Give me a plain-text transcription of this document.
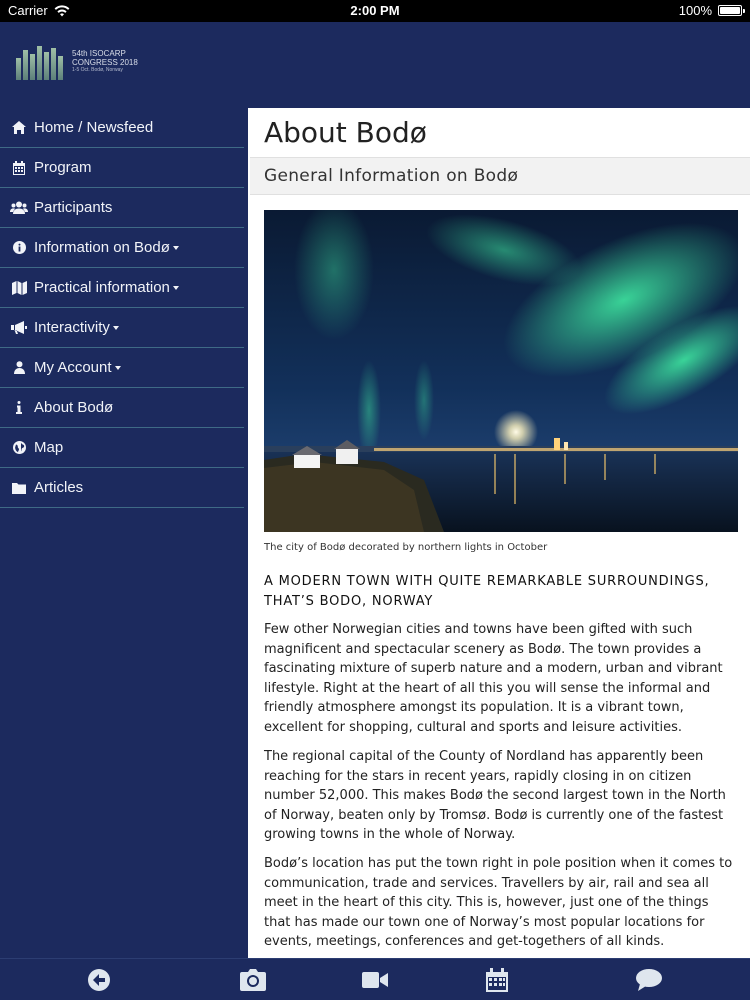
Carrier	2:00 PM	100%
54th ISOCARP
CONGRESS 2018
1-5 Oct. Bodø, Norway
Home / Newsfeed
Program
Participants
Information on Bodø
Practical information
Interactivity
My Account
About Bodø
Map
Articles
About Bodø
General Information on Bodø
The city of Bodø decorated by northern lights in October
A MODERN TOWN WITH QUITE REMARKABLE SURROUNDINGS, THAT’S BODO, NORWAY

Few other Norwegian cities and towns have been gifted with such magnificent and spectacular scenery as Bodø. The town provides a fascinating mixture of superb nature and a modern, urban and vibrant lifestyle. Right at the heart of all this you will sense the informal and friendly atmosphere amongst its population. It is a vibrant town, excellent for shopping, cultural and sports and leisure activities.

The regional capital of the County of Nordland has apparently been reaching for the stars in recent years, rapidly closing in on citizen number 52,000. This makes Bodø the second largest town in the North of Norway, beaten only by Tromsø. Bodø is currently one of the fastest growing towns in the whole of Norway.

Bodø’s location has put the town right in pole position when it comes to communication, trade and services. Travellers by air, rail and sea all meet in the heart of this city. This is, however, just one of the things that has made our town one of Norway’s most popular locations for events, meetings, conferences and get-togethers of all kinds.
